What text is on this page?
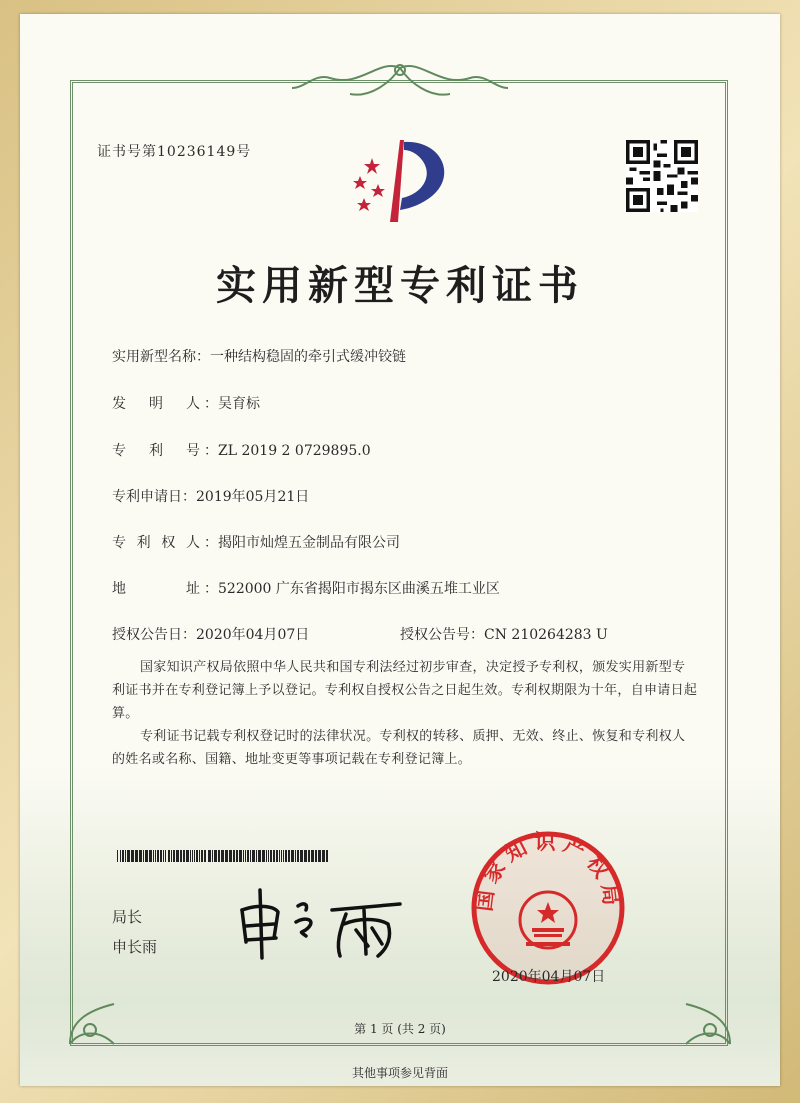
证书号第10236149号
实用新型专利证书
实用新型名称：一种结构稳固的牵引式缓冲铰链
发 明 人 ：吴育标
专 利 号 ：ZL 2019 2 0729895.0
专利申请日：2019年05月21日
专 利 权 人 ：揭阳市灿煌五金制品有限公司
地	址 ：522000 广东省揭阳市揭东区曲溪五堆工业区
授权公告日：2020年04月07日	授权公告号：CN 210264283 U
国家知识产权局依照中华人民共和国专利法经过初步审查，决定授予专利权，颁发实用新型专利证书并在专利登记簿上予以登记。专利权自授权公告之日起生效。专利权期限为十年，自申请日起算。
专利证书记载专利权登记时的法律状况。专利权的转移、质押、无效、终止、恢复和专利权人的姓名或名称、国籍、地址变更等事项记载在专利登记簿上。
局长
申长雨
国家知识产权局
2020年04月07日
第 1 页 (共 2 页)
其他事项参见背面
